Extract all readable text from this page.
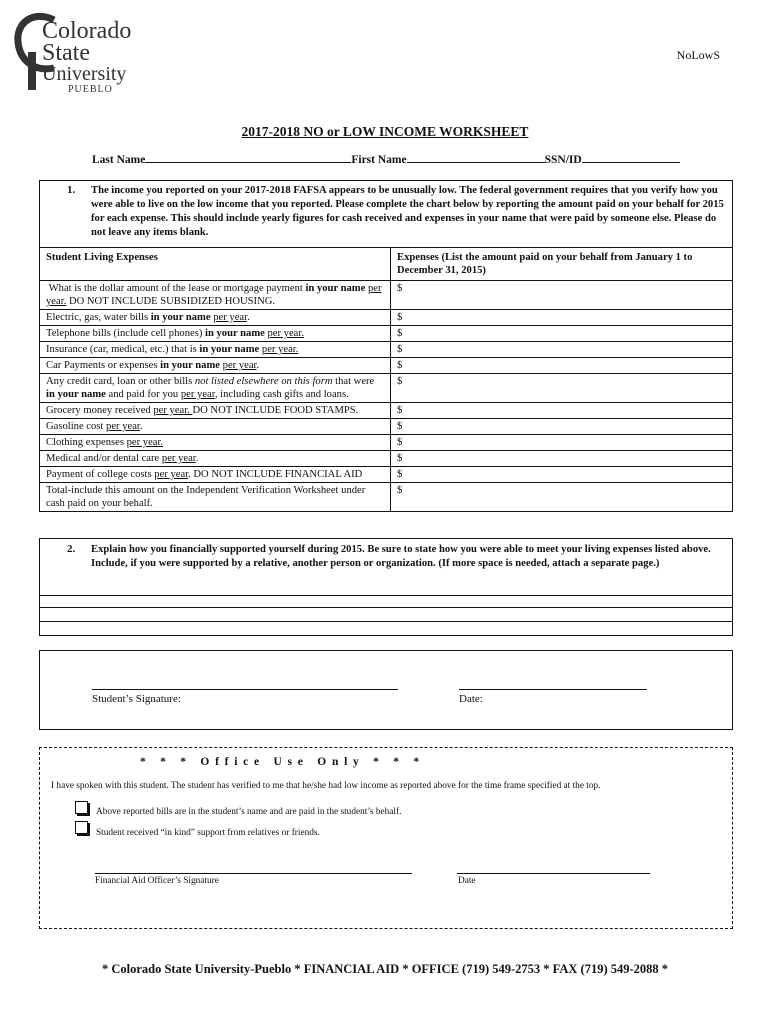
Colorado
State
University
PUEBLO
NoLowS
2017-2018 NO or LOW INCOME WORKSHEET
Last Name	First Name	SSN/ID
1. The income you reported on your 2017-2018 FAFSA appears to be unusually low. The federal government requires that you verify how you were able to live on the low income that you reported. Please complete the chart below by reporting the amount paid on your behalf for 2015 for each expense. This should include yearly figures for cash received and expenses in your name that were paid by someone else. Please do not leave any items blank.
Student Living Expenses	Expenses (List the amount paid on your behalf from January 1 to December 31, 2015)
What is the dollar amount of the lease or mortgage payment in your name per year. DO NOT INCLUDE SUBSIDIZED HOUSING.	$
Electric, gas, water bills in your name per year.	$
Telephone bills (include cell phones) in your name per year.	$
Insurance (car, medical, etc.) that is in your name per year.	$
Car Payments or expenses in your name per year.	$
Any credit card, loan or other bills not listed elsewhere on this form that were in your name and paid for you per year, including cash gifts and loans.	$
Grocery money received per year. DO NOT INCLUDE FOOD STAMPS.	$
Gasoline cost per year.	$
Clothing expenses per year.	$
Medical and/or dental care per year.	$
Payment of college costs per year. DO NOT INCLUDE FINANCIAL AID	$
Total-include this amount on the Independent Verification Worksheet under cash paid on your behalf.	$
2. Explain how you financially supported yourself during 2015. Be sure to state how you were able to meet your living expenses listed above. Include, if you were supported by a relative, another person or organization. (If more space is needed, attach a separate page.)
Student’s Signature:	Date:
*     *     *     O  f  f  i  c  e     U  s  e     O  n  l  y     *     *     *
I have spoken with this student. The student has verified to me that he/she had low income as reported above for the time frame specified at the top.
Above reported bills are in the student’s name and are paid in the student’s behalf.
Student received “in kind” support from relatives or friends.
Financial Aid Officer’s Signature	Date
* Colorado State University-Pueblo * FINANCIAL AID * OFFICE (719) 549-2753 * FAX (719) 549-2088 *
